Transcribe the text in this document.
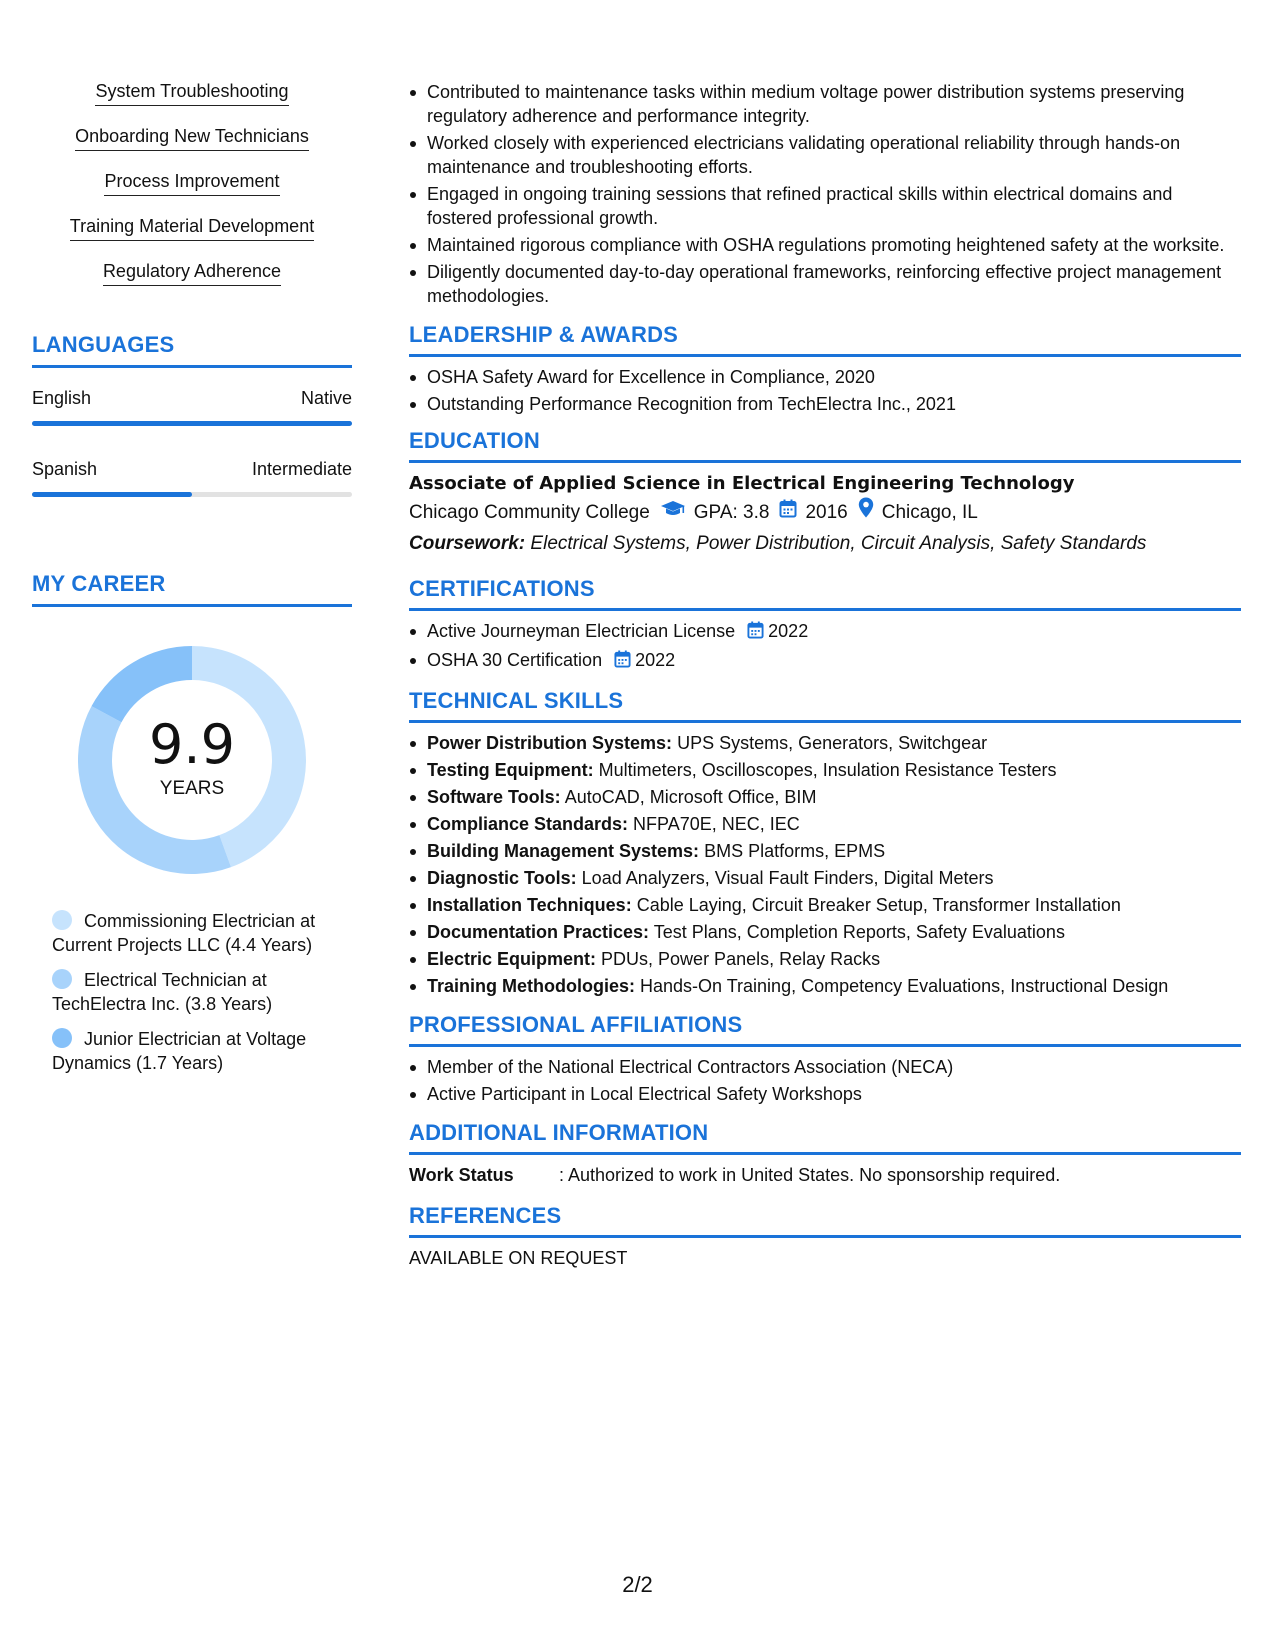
System Troubleshooting
Onboarding New Technicians
Process Improvement
Training Material Development
Regulatory Adherence
LANGUAGES
English	Native
Spanish	Intermediate
MY CAREER
9.9
YEARS
Commissioning Electrician at Current Projects LLC (4.4 Years)
Electrical Technician at TechElectra Inc. (3.8 Years)
Junior Electrician at Voltage Dynamics (1.7 Years)
Contributed to maintenance tasks within medium voltage power distribution systems preserving regulatory adherence and performance integrity.
Worked closely with experienced electricians validating operational reliability through hands-on maintenance and troubleshooting efforts.
Engaged in ongoing training sessions that refined practical skills within electrical domains and fostered professional growth.
Maintained rigorous compliance with OSHA regulations promoting heightened safety at the worksite.
Diligently documented day-to-day operational frameworks, reinforcing effective project management methodologies.
LEADERSHIP & AWARDS
OSHA Safety Award for Excellence in Compliance, 2020
Outstanding Performance Recognition from TechElectra Inc., 2021
EDUCATION
Associate of Applied Science in Electrical Engineering Technology
Chicago Community College GPA: 3.8 2016 Chicago, IL
Coursework: Electrical Systems, Power Distribution, Circuit Analysis, Safety Standards
CERTIFICATIONS
Active Journeyman Electrician License 2022
OSHA 30 Certification 2022
TECHNICAL SKILLS
Power Distribution Systems: UPS Systems, Generators, Switchgear
Testing Equipment: Multimeters, Oscilloscopes, Insulation Resistance Testers
Software Tools: AutoCAD, Microsoft Office, BIM
Compliance Standards: NFPA70E, NEC, IEC
Building Management Systems: BMS Platforms, EPMS
Diagnostic Tools: Load Analyzers, Visual Fault Finders, Digital Meters
Installation Techniques: Cable Laying, Circuit Breaker Setup, Transformer Installation
Documentation Practices: Test Plans, Completion Reports, Safety Evaluations
Electric Equipment: PDUs, Power Panels, Relay Racks
Training Methodologies: Hands-On Training, Competency Evaluations, Instructional Design
PROFESSIONAL AFFILIATIONS
Member of the National Electrical Contractors Association (NECA)
Active Participant in Local Electrical Safety Workshops
ADDITIONAL INFORMATION
Work Status	: Authorized to work in United States. No sponsorship required.
REFERENCES
AVAILABLE ON REQUEST
2/2
